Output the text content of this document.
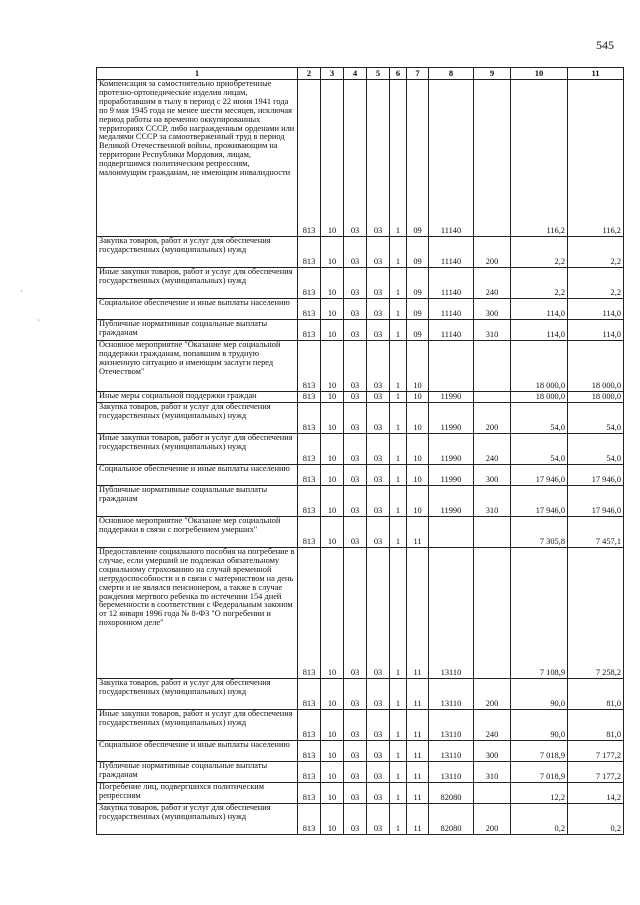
545
·
'
1	2	3	4	5	6	7	8	9	10	11
Компенсация за самостоятельно приобретенные протезно-ортопедические изделия лицам, проработавшим в тылу в период с 22 июня 1941 года по 9 мая 1945 года не менее шести месяцев, исключая период работы на временно оккупированных территориях СССР, либо награжденным орденами или медалями СССР за самоотверженный труд в период Великой Отечественной войны, проживающим на территории Республики Мордовия, лицам, подвергшимся политическим репрессиям, малоимущим гражданам, не имеющим инвалидности	813	10	03	03	1	09	11140		116,2	116,2
Закупка товаров, работ и услуг для обеспечения государственных (муниципальных) нужд	813	10	03	03	1	09	11140	200	2,2	2,2
Иные закупки товаров, работ и услуг для обеспечения государственных (муниципальных) нужд	813	10	03	03	1	09	11140	240	2,2	2,2
Социальное обеспечение и иные выплаты населению	813	10	03	03	1	09	11140	300	114,0	114,0
Публичные нормативные социальные выплаты гражданам	813	10	03	03	1	09	11140	310	114,0	114,0
Основное мероприятие "Оказание мер социальной поддержки гражданам, попавшим в трудную жизненную ситуацию и имеющим заслуги перед Отечеством"	813	10	03	03	1	10			18 000,0	18 000,0
Иные меры социальной поддержки граждан	813	10	03	03	1	10	11990		18 000,0	18 000,0
Закупка товаров, работ и услуг для обеспечения государственных (муниципальных) нужд	813	10	03	03	1	10	11990	200	54,0	54,0
Иные закупки товаров, работ и услуг для обеспечения государственных (муниципальных) нужд	813	10	03	03	1	10	11990	240	54,0	54,0
Социальное обеспечение и иные выплаты населению	813	10	03	03	1	10	11990	300	17 946,0	17 946,0
Публичные нормативные социальные выплаты гражданам	813	10	03	03	1	10	11990	310	17 946,0	17 946,0
Основное мероприятие "Оказание мер социальной поддержки в связи с погребением умерших"	813	10	03	03	1	11			7 305,8	7 457,1
Предоставление социального пособия на погребение в случае, если умерший не подлежал обязательному социальному страхованию на случай временной нетрудоспособности и в связи с материнством на день смерти и не являлся пенсионером, а также в случае рождения мертвого ребенка по истечении 154 дней беременности в соответствии с Федеральным законом от 12 января 1996 года № 8-ФЗ "О погребении и похоронном деле"	813	10	03	03	1	11	13110		7 108,9	7 258,2
Закупка товаров, работ и услуг для обеспечения государственных (муниципальных) нужд	813	10	03	03	1	11	13110	200	90,0	81,0
Иные закупки товаров, работ и услуг для обеспечения государственных (муниципальных) нужд	813	10	03	03	1	11	13110	240	90,0	81,0
Социальное обеспечение и иные выплаты населению	813	10	03	03	1	11	13110	300	7 018,9	7 177,2
Публичные нормативные социальные выплаты гражданам	813	10	03	03	1	11	13110	310	7 018,9	7 177,2
Погребение лиц, подвергшихся политическим репрессиям	813	10	03	03	1	11	82080		12,2	14,2
Закупка товаров, работ и услуг для обеспечения государственных (муниципальных) нужд	813	10	03	03	1	11	82080	200	0,2	0,2
